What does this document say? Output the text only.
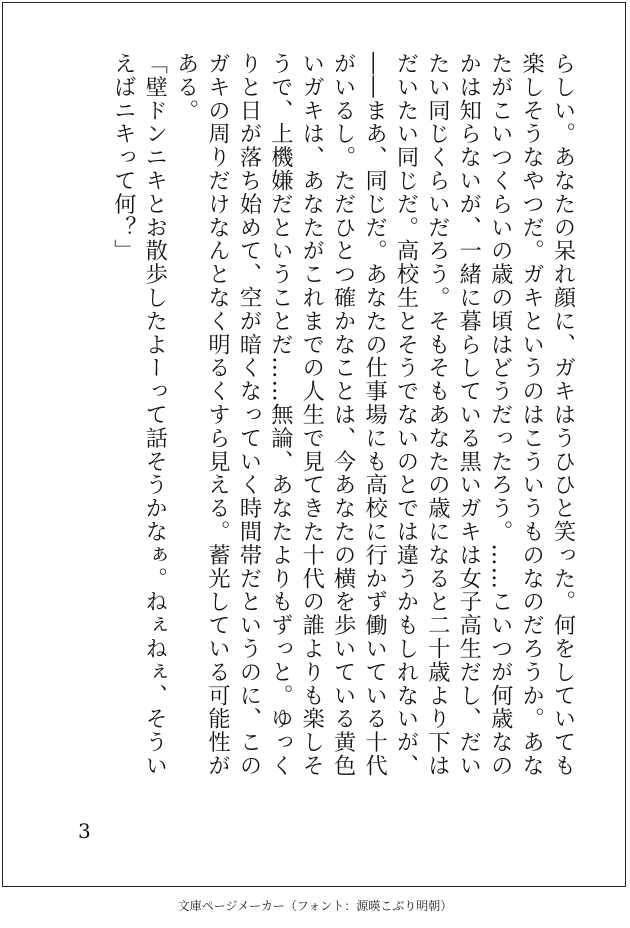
らしい。あなたの呆れ顔に、ガキはうひひと笑った。何をしていても楽しそうなやつだ。ガキというのはこういうものなのだろうか。あなたがこいつくらいの歳の頃はどうだったろう。……こいつが何歳なのかは知らないが、一緒に暮らしている黒いガキは女子高生だし、だいたい同じくらいだろう。そもそもあなたの歳になると二十歳より下はだいたい同じだ。高校生とそうでないのとでは違うかもしれないが、――まあ、同じだ。あなたの仕事場にも高校に行かず働いている十代がいるし。ただひとつ確かなことは、今あなたの横を歩いている黄色いガキは、あなたがこれまでの人生で見てきた十代の誰よりも楽しそうで、上機嫌だということだ……無論、あなたよりもずっと。ゆっくりと日が落ち始めて、空が暗くなっていく時間帯だというのに、このガキの周りだけなんとなく明るくすら見える。蓄光している可能性がある。

「壁ドンニキとお散歩したよーって話そうかなぁ。ねぇねぇ、そういえばニキって何？」

3
文庫ページメーカー（フォント：源暎こぶり明朝）
